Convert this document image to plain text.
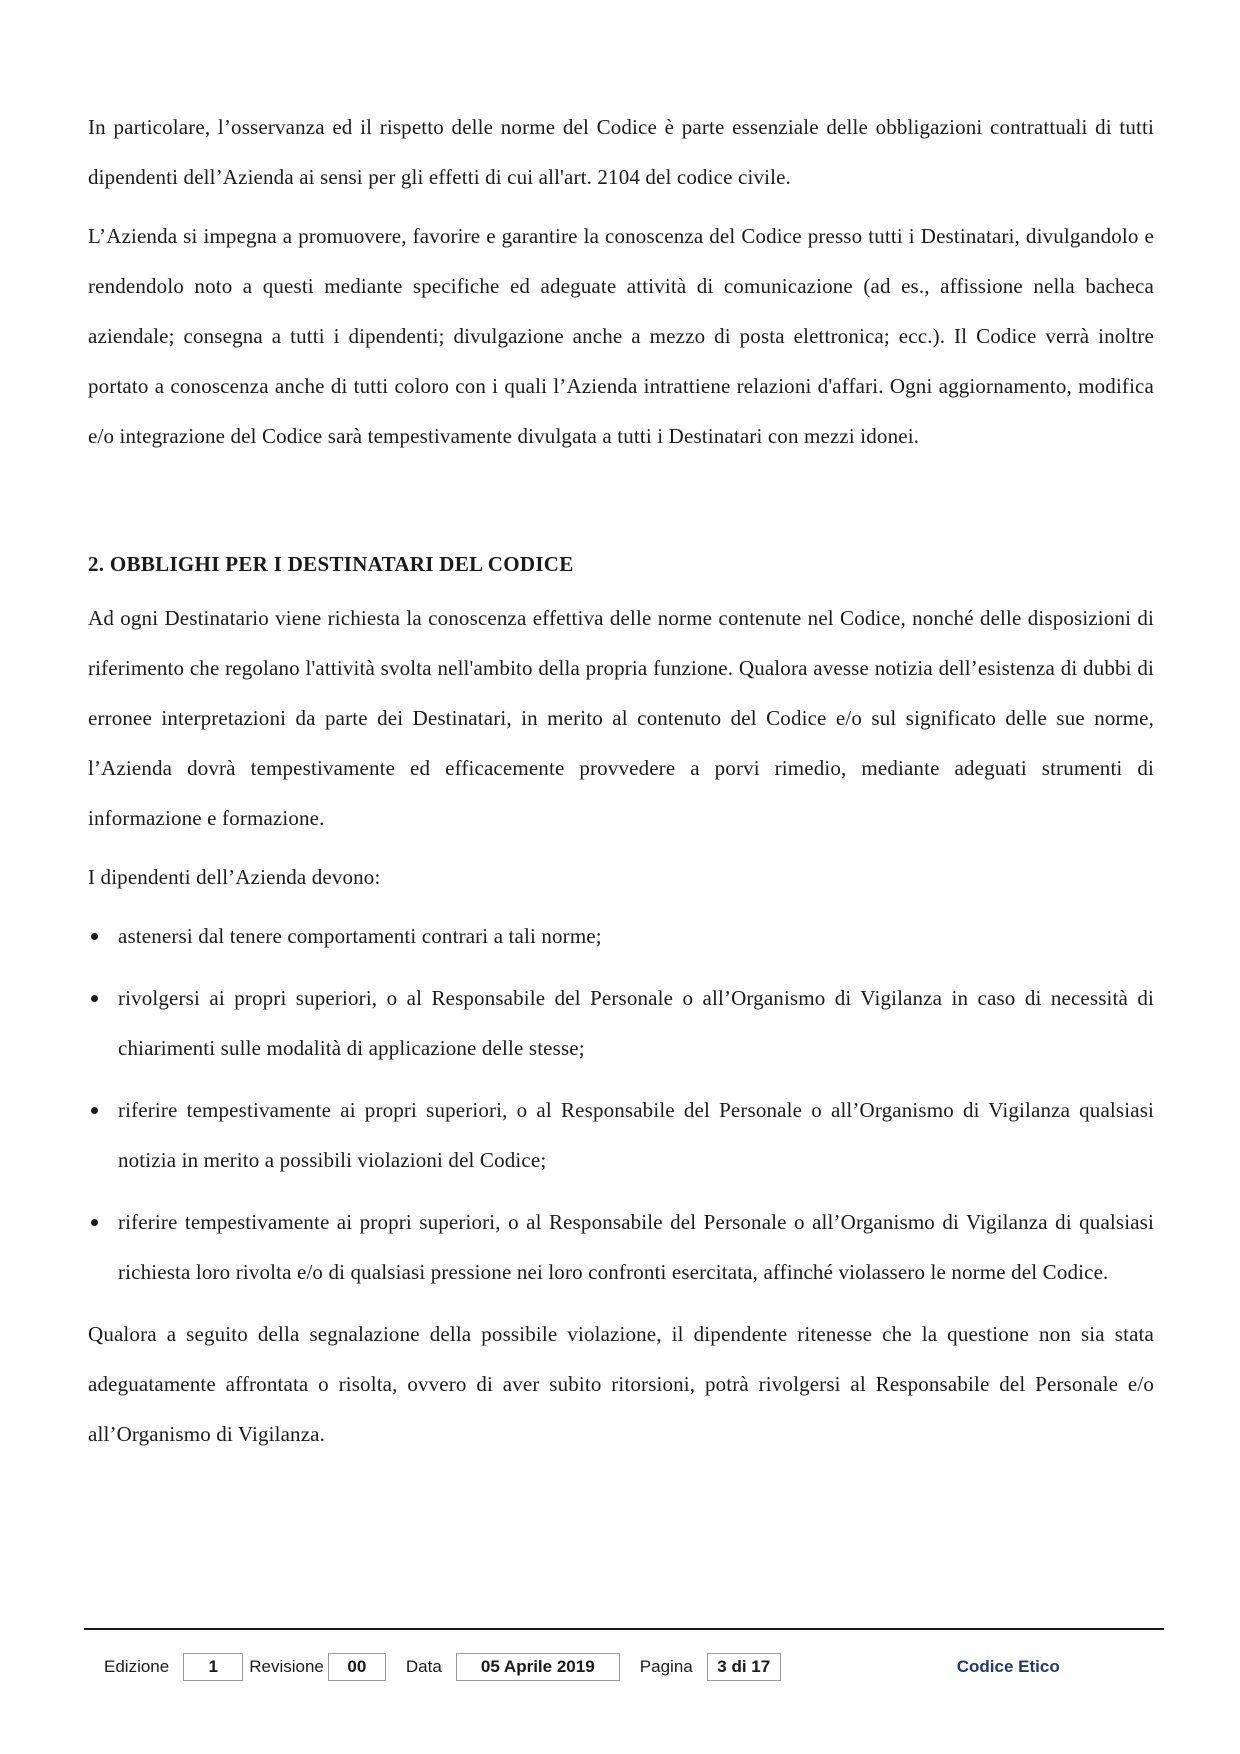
In particolare, l’osservanza ed il rispetto delle norme del Codice è parte essenziale delle obbligazioni contrattuali di tutti dipendenti dell’Azienda ai sensi per gli effetti di cui all'art. 2104 del codice civile.

L’Azienda si impegna a promuovere, favorire e garantire la conoscenza del Codice presso tutti i Destinatari, divulgandolo e rendendolo noto a questi mediante specifiche ed adeguate attività di comunicazione (ad es., affissione nella bacheca aziendale; consegna a tutti i dipendenti; divulgazione anche a mezzo di posta elettronica; ecc.). Il Codice verrà inoltre portato a conoscenza anche di tutti coloro con i quali l’Azienda intrattiene relazioni d'affari. Ogni aggiornamento, modifica e/o integrazione del Codice sarà tempestivamente divulgata a tutti i Destinatari con mezzi idonei.

2. OBBLIGHI PER I DESTINATARI DEL CODICE

Ad ogni Destinatario viene richiesta la conoscenza effettiva delle norme contenute nel Codice, nonché delle disposizioni di riferimento che regolano l'attività svolta nell'ambito della propria funzione. Qualora avesse notizia dell’esistenza di dubbi di erronee interpretazioni da parte dei Destinatari, in merito al contenuto del Codice e/o sul significato delle sue norme, l’Azienda dovrà tempestivamente ed efficacemente provvedere a porvi rimedio, mediante adeguati strumenti di informazione e formazione.

I dipendenti dell’Azienda devono:

astenersi dal tenere comportamenti contrari a tali norme;
rivolgersi ai propri superiori, o al Responsabile del Personale o all’Organismo di Vigilanza in caso di necessità di chiarimenti sulle modalità di applicazione delle stesse;
riferire tempestivamente ai propri superiori, o al Responsabile del Personale o all’Organismo di Vigilanza qualsiasi notizia in merito a possibili violazioni del Codice;
riferire tempestivamente ai propri superiori, o al Responsabile del Personale o all’Organismo di Vigilanza di qualsiasi richiesta loro rivolta e/o di qualsiasi pressione nei loro confronti esercitata, affinché violassero le norme del Codice.

Qualora a seguito della segnalazione della possibile violazione, il dipendente ritenesse che la questione non sia stata adeguatamente affrontata o risolta, ovvero di aver subito ritorsioni, potrà rivolgersi al Responsabile del Personale e/o all’Organismo di Vigilanza.

Edizione	1	Revisione	00	Data	05 Aprile 2019	Pagina	3 di 17	Codice Etico
